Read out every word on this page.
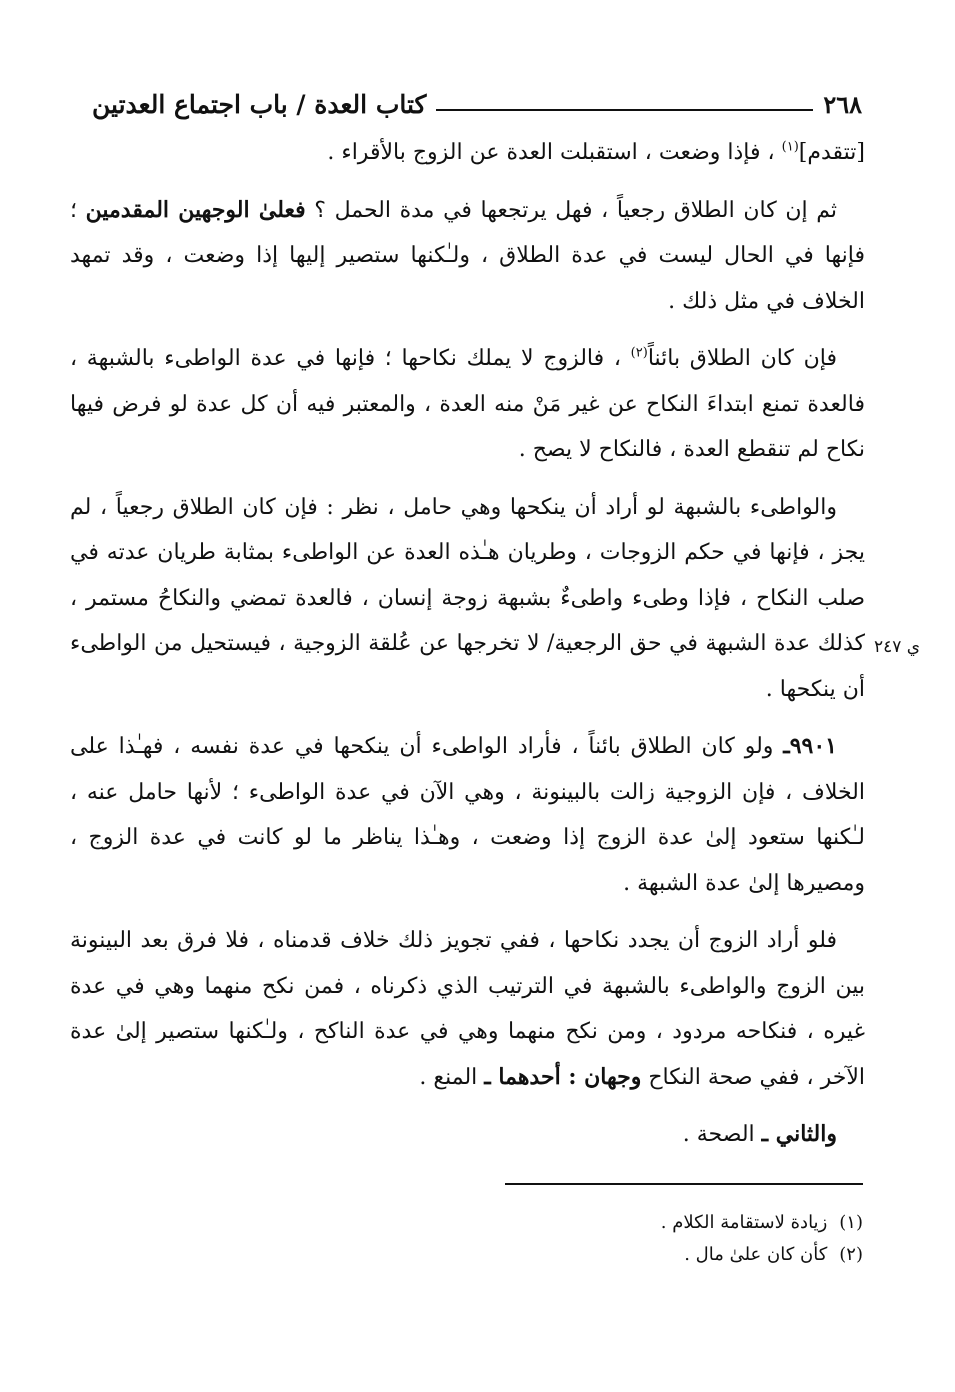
٢٦٨
كتاب العدة / باب اجتماع العدتين

[تتقدم]$^{(١)}$ ، فإذا وضعت ، استقبلت العدة عن الزوج بالأقراء .

ثم إن كان الطلاق رجعياً ، فهل يرتجعها في مدة الحمل ؟ فعلىٰ الوجهين المقدمين ؛ فإنها في الحال ليست في عدة الطلاق ، ولـٰكنها ستصير إليها إذا وضعت ، وقد تمهد الخلاف في مثل ذلك .

فإن كان الطلاق بائناً$^{(٢)}$ ، فالزوج لا يملك نكاحها ؛ فإنها في عدة الواطىء بالشبهة ، فالعدة تمنع ابتداءَ النكاح عن غير مَنْ منه العدة ، والمعتبر فيه أن كل عدة لو فرض فيها نكاح لم تنقطع العدة ، فالنكاح لا يصح .

والواطىء بالشبهة لو أراد أن ينكحها وهي حامل ، نظر : فإن كان الطلاق رجعياً ، لم يجز ، فإنها في حكم الزوجات ، وطريان هـٰذه العدة عن الواطىء بمثابة طريان عدته في صلب النكاح ، فإذا وطىء واطىءٌ بشبهة زوجة إنسان ، فالعدة تمضي والنكاحُ مستمر ، كذلك عدة الشبهة في حق الرجعية/ لا تخرجها عن عُلقة الزوجية ، فيستحيل من الواطىء أن ينكحها .

٩٩٠١ـ ولو كان الطلاق بائناً ، فأراد الواطىء أن ينكحها في عدة نفسه ، فهـٰذا على الخلاف ، فإن الزوجية زالت بالبينونة ، وهي الآن في عدة الواطىء ؛ لأنها حامل عنه ، لـٰكنها ستعود إلىٰ عدة الزوج إذا وضعت ، وهـٰذا يناظر ما لو كانت في عدة الزوج ، ومصيرها إلىٰ عدة الشبهة .

فلو أراد الزوج أن يجدد نكاحها ، ففي تجويز ذلك خلاف قدمناه ، فلا فرق بعد البينونة بين الزوج والواطىء بالشبهة في الترتيب الذي ذكرناه ، فمن نكح منهما وهي في عدة غيره ، فنكاحه مردود ، ومن نكح منهما وهي في عدة الناكح ، ولـٰكنها ستصير إلىٰ عدة الآخر ، ففي صحة النكاح وجهان : أحدهما ـ المنع .

والثاني ـ الصحة .

ي ٢٤٧
(١)
زيادة لاستقامة الكلام .
(٢)
كأن كان علىٰ مال .
